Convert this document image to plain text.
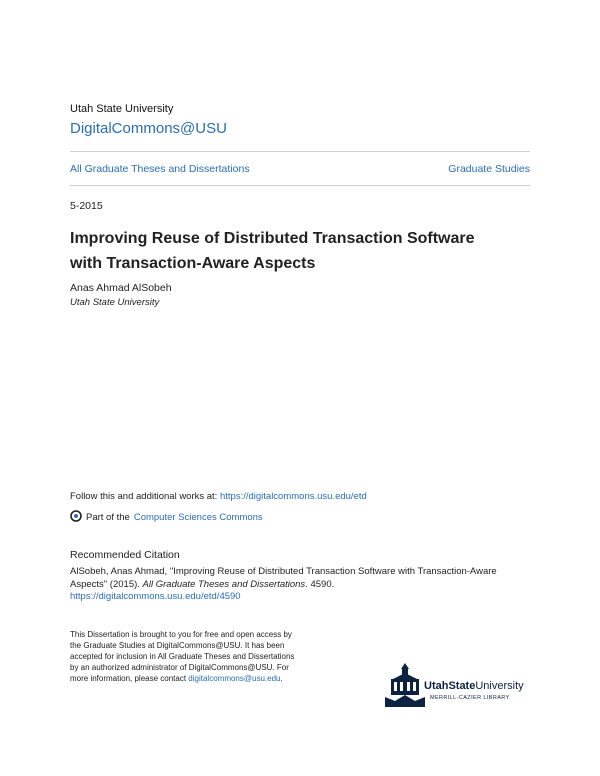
Utah State University
DigitalCommons@USU
All Graduate Theses and Dissertations	Graduate Studies
5-2015
Improving Reuse of Distributed Transaction Software with Transaction-Aware Aspects
Anas Ahmad AlSobeh
Utah State University
Follow this and additional works at: https://digitalcommons.usu.edu/etd
Part of the Computer Sciences Commons
Recommended Citation
AlSobeh, Anas Ahmad, "Improving Reuse of Distributed Transaction Software with Transaction-Aware Aspects" (2015). All Graduate Theses and Dissertations. 4590.
https://digitalcommons.usu.edu/etd/4590
This Dissertation is brought to you for free and open access by the Graduate Studies at DigitalCommons@USU. It has been accepted for inclusion in All Graduate Theses and Dissertations by an authorized administrator of DigitalCommons@USU. For more information, please contact digitalcommons@usu.edu.
UtahStateUniversity
MERRILL-CAZIER LIBRARY
